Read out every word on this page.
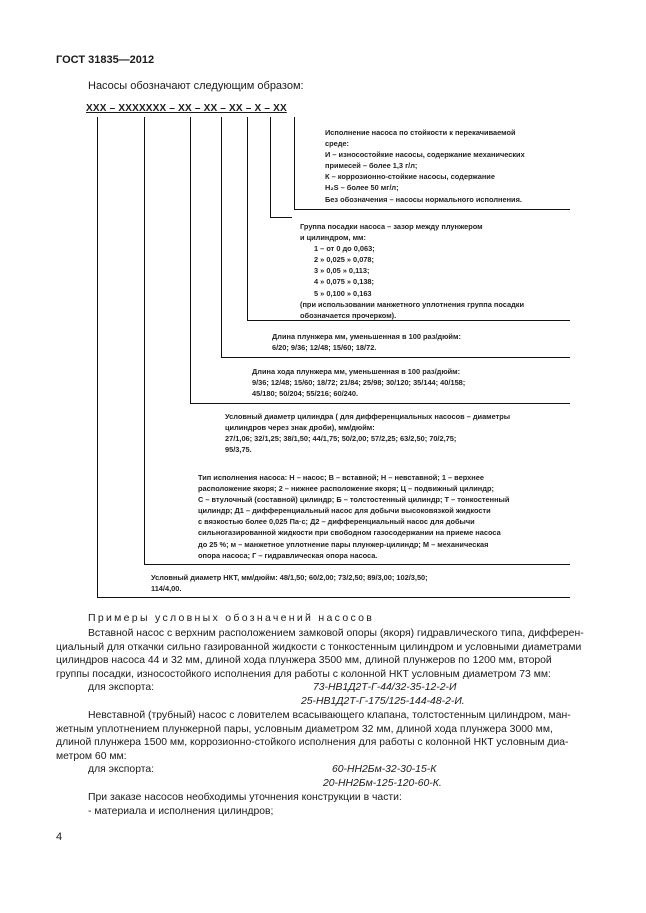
ГОСТ 31835—2012
Насосы обозначают следующим образом:
XXX – XXXXXXX – XX – XX – XX – X – XX
Исполнение насоса по стойкости к перекачиваемой
среде:
И – износостойкие насосы, содержание механических
примесей – более 1,3 г/л;
К – коррозионно-стойкие насосы, содержание
H₂S – более 50 мг/л;
Без обозначения – насосы нормального исполнения.
Группа посадки насоса – зазор между плунжером
и цилиндром, мм:
1 – от 0 до 0,063;
2 » 0,025 » 0,078;
3 » 0,05 » 0,113;
4 » 0,075 » 0,138;
5 » 0,100 » 0,163
(при использовании манжетного уплотнения группа посадки
обозначается прочерком).
Длина плунжера мм, уменьшенная в 100 раз/дюйм:
6/20; 9/36; 12/48; 15/60; 18/72.
Длина хода плунжера мм, уменьшенная в 100 раз/дюйм:
9/36; 12/48; 15/60; 18/72; 21/84; 25/98; 30/120; 35/144; 40/158;
45/180; 50/204; 55/216; 60/240.
Условный диаметр цилиндра ( для дифференциальных насосов – диаметры
цилиндров через знак дроби), мм/дюйм:
27/1,06; 32/1,25; 38/1,50; 44/1,75; 50/2,00; 57/2,25; 63/2,50; 70/2,75;
95/3,75.
Тип исполнения насоса: Н – насос; В – вставной; Н – невставной; 1 – верхнее
расположение якоря; 2 – нижнее расположение якоря; Ц – подвижный цилиндр;
С – втулочный (составной) цилиндр; Б – толстостенный цилиндр; Т – тонкостенный
цилиндр; Д1 – дифференциальный насос для добычи высоковязкой жидкости
с вязкостью более 0,025 Па·с; Д2 – дифференциальный насос для добычи
сильногазированной жидкости при свободном газосодержании на приеме насоса
до 25 %; м – манжетное уплотнение пары плунжер-цилиндр; М – механическая
опора насоса; Г – гидравлическая опора насоса.
Условный диаметр НКТ, мм/дюйм: 48/1,50; 60/2,00; 73/2,50; 89/3,00; 102/3,50;
114/4,00.
Примеры условных обозначений насосов
Вставной насос с верхним расположением замковой опоры (якоря) гидравлического типа, дифферен-
циальный для откачки сильно газированной жидкости с тонкостенным цилиндром и условными диаметрами
цилиндров насоса 44 и 32 мм, длиной хода плунжера 3500 мм, длиной плунжеров по 1200 мм, второй
группы посадки, износостойкого исполнения для работы с колонной НКТ условным диаметром 73 мм:
для экспорта:	73-НВ1Д2Т-Г-44/32-35-12-2-И
25-НВ1Д2Т-Г-175/125-144-48-2-И.
Невставной (трубный) насос с ловителем всасывающего клапана, толстостенным цилиндром, ман-
жетным уплотнением плунжерной пары, условным диаметром 32 мм, длиной хода плунжера 3000 мм,
длиной плунжера 1500 мм, коррозионно-стойкого исполнения для работы с колонной НКТ условным диа-
метром 60 мм:
для экспорта:	60-НН2Бм-32-30-15-К
20-НН2Бм-125-120-60-К.
При заказе насосов необходимы уточнения конструкции в части:
- материала и исполнения цилиндров;
4
